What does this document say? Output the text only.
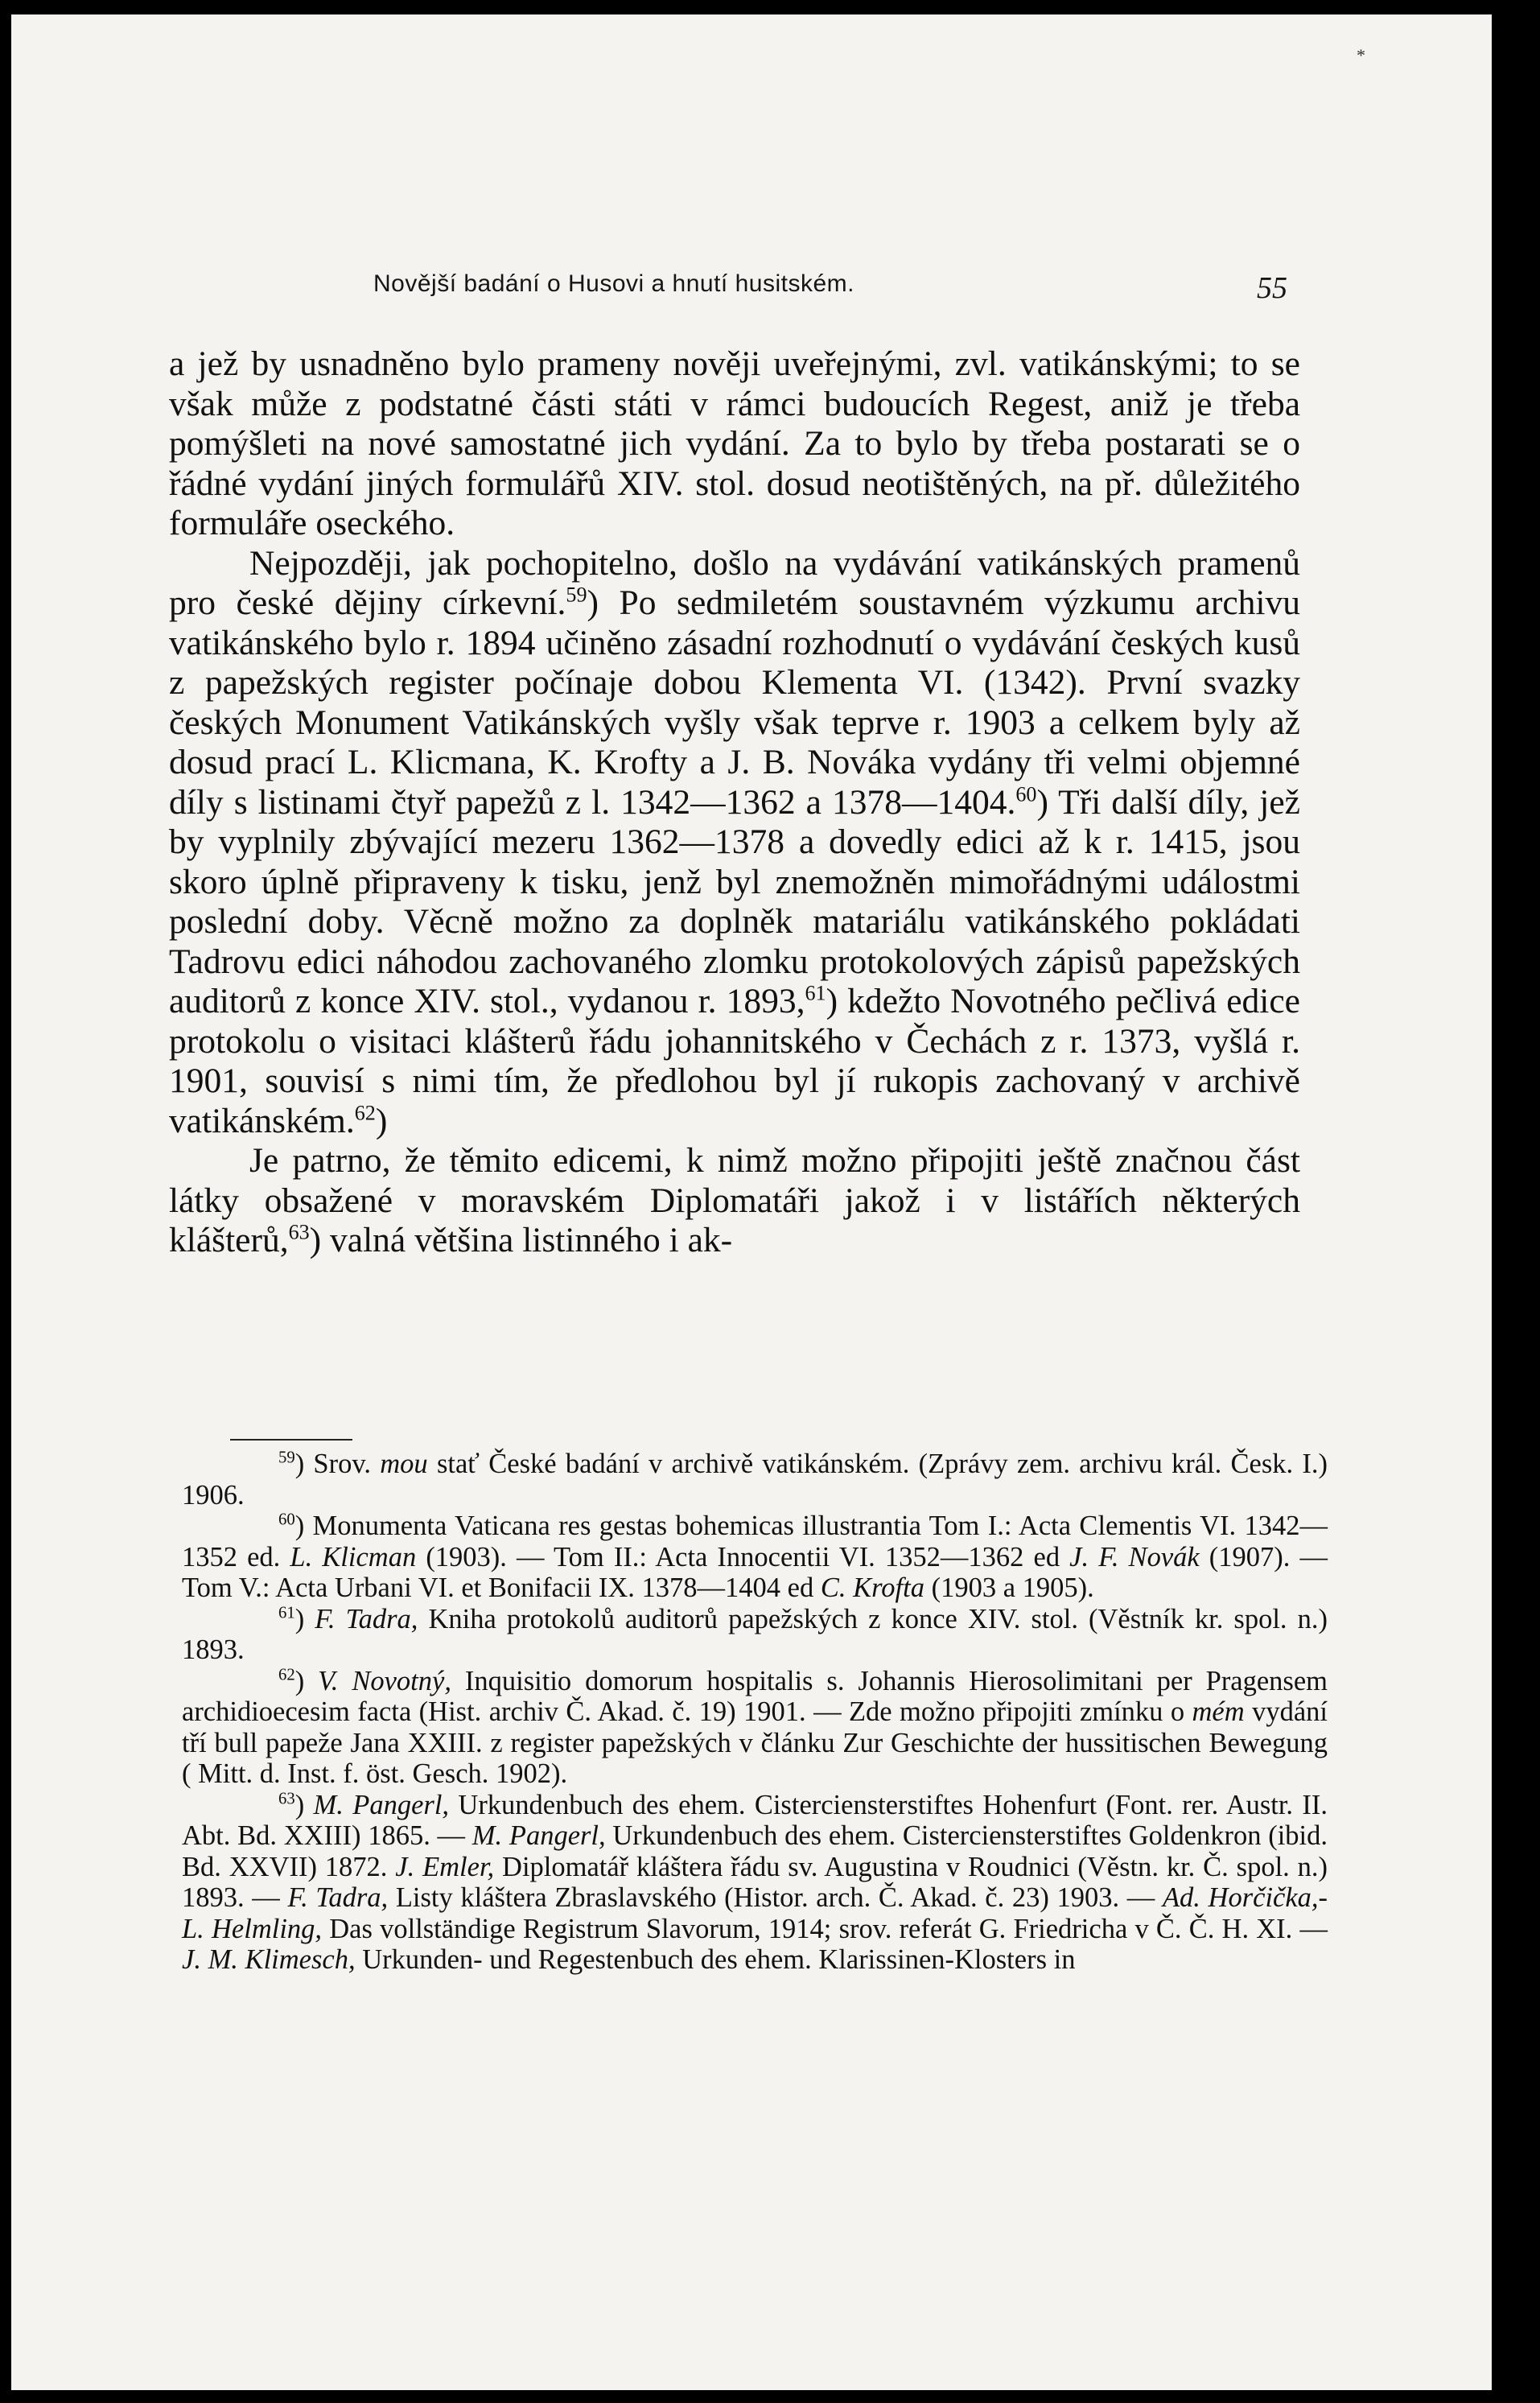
*
Novější badání o Husovi a hnutí husitském.	55

a jež by usnadněno bylo prameny nověji uveřejnými, zvl. vatikánskými; to se však může z podstatné části státi v rámci budoucích Regest, aniž je třeba pomýšleti na nové samostatné jich vydání. Za to bylo by třeba postarati se o řádné vydání jiných formulářů XIV. stol. dosud neotištěných, na př. důležitého formuláře oseckého.

Nejpozději, jak pochopitelno, došlo na vydávání vatikánských pramenů pro české dějiny církevní.$^{59}$) Po sedmiletém soustavném výzkumu archivu vatikánského bylo r. 1894 učiněno zásadní rozhodnutí o vydávání českých kusů z papežských register počínaje dobou Klementa VI. (1342). První svazky českých Monument Vatikánských vyšly však teprve r. 1903 a celkem byly až dosud prací L. Klicmana, K. Krofty a J. B. Nováka vydány tři velmi objemné díly s listinami čtyř papežů z l. 1342—1362 a 1378—1404.60) Tři další díly, jež by vyplnily zbývající mezeru 1362—1378 a dovedly edici až k r. 1415, jsou skoro úplně připraveny k tisku, jenž byl znemožněn mimořádnými událostmi poslední doby. Věcně možno za doplněk matariálu vatikánského pokládati Tadrovu edici náhodou zachovaného zlomku protokolových zápisů papežských auditorů z konce XIV. stol., vydanou r. 1893,61) kdežto Novotného pečlivá edice protokolu o visitaci klášterů řádu johannitského v Čechách z r. 1373, vyšlá r. 1901, souvisí s nimi tím, že předlohou byl jí rukopis zachovaný v archivě vatikánském.$^{62}$)

Je patrno, že těmito edicemi, k nimž možno připojiti ještě značnou část látky obsažené v moravském Diplomatáři jakož i v listářích některých klášterů,$^{63}$) valná většina listinného i ak-

$^{59}$) Srov. mou stať České badání v archivě vatikánském. (Zprávy zem. archivu král. Česk. I.) 1906.

$^{60}$) Monumenta Vaticana res gestas bohemicas illustrantia Tom I.: Acta Clementis VI. 1342—1352 ed. L. Klicman (1903). — Tom II.: Acta Innocentii VI. 1352—1362 ed J. F. Novák (1907). — Tom V.: Acta Urbani VI. et Bonifacii IX. 1378—1404 ed C. Krofta (1903 a 1905).

$^{61}$) F. Tadra, Kniha protokolů auditorů papežských z konce XIV. stol. (Věstník kr. spol. n.) 1893.

$^{62}$) V. Novotný, Inquisitio domorum hospitalis s. Johannis Hierosolimitani per Pragensem archidioecesim facta (Hist. archiv Č. Akad. č. 19) 1901. — Zde možno připojiti zmínku o mém vydání tří bull papeže Jana XXIII. z register papežských v článku Zur Geschichte der hussitischen Bewegung ( Mitt. d. Inst. f. öst. Gesch. 1902).

$^{63}$) M. Pangerl, Urkundenbuch des ehem. Cisterciensterstiftes Hohenfurt (Font. rer. Austr. II. Abt. Bd. XXIII) 1865. — M. Pangerl, Urkundenbuch des ehem. Cisterciensterstiftes Goldenkron (ibid. Bd. XXVII) 1872. J. Emler, Diplomatář kláštera řádu sv. Augustina v Roudnici (Věstn. kr. Č. spol. n.) 1893. — F. Tadra, Listy kláštera Zbraslavského (Histor. arch. Č. Akad. č. 23) 1903. — Ad. Horčička,-L. Helmling, Das vollständige Registrum Slavorum, 1914; srov. referát G. Friedricha v Č. Č. H. XI. — J. M. Klimesch, Urkunden- und Regestenbuch des ehem. Klarissinen-Klosters in
